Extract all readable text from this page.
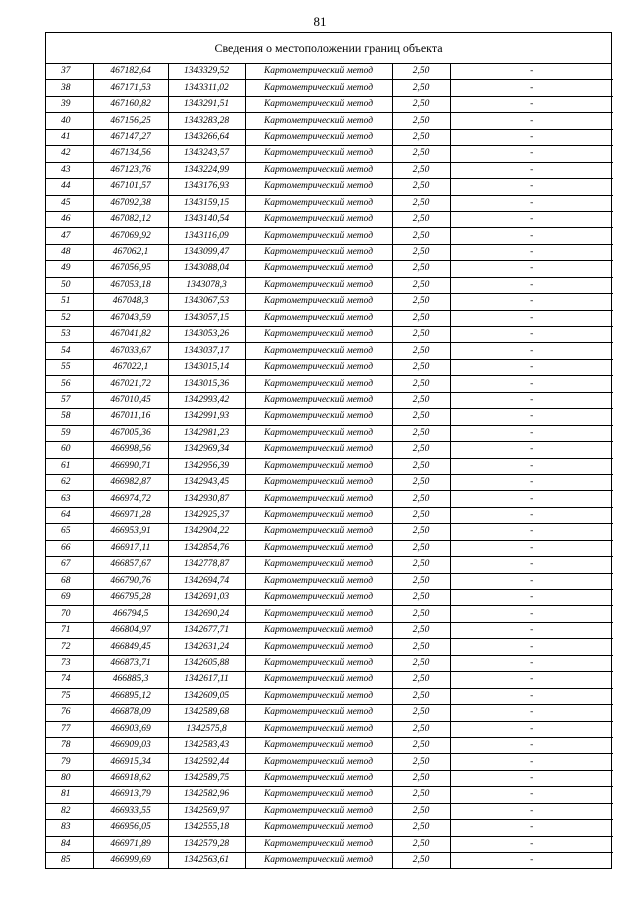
81
Сведения о местоположении границ объекта
37	467182,64	1343329,52	Картометрический метод	2,50	-
38	467171,53	1343311,02	Картометрический метод	2,50	-
39	467160,82	1343291,51	Картометрический метод	2,50	-
40	467156,25	1343283,28	Картометрический метод	2,50	-
41	467147,27	1343266,64	Картометрический метод	2,50	-
42	467134,56	1343243,57	Картометрический метод	2,50	-
43	467123,76	1343224,99	Картометрический метод	2,50	-
44	467101,57	1343176,93	Картометрический метод	2,50	-
45	467092,38	1343159,15	Картометрический метод	2,50	-
46	467082,12	1343140,54	Картометрический метод	2,50	-
47	467069,92	1343116,09	Картометрический метод	2,50	-
48	467062,1	1343099,47	Картометрический метод	2,50	-
49	467056,95	1343088,04	Картометрический метод	2,50	-
50	467053,18	1343078,3	Картометрический метод	2,50	-
51	467048,3	1343067,53	Картометрический метод	2,50	-
52	467043,59	1343057,15	Картометрический метод	2,50	-
53	467041,82	1343053,26	Картометрический метод	2,50	-
54	467033,67	1343037,17	Картометрический метод	2,50	-
55	467022,1	1343015,14	Картометрический метод	2,50	-
56	467021,72	1343015,36	Картометрический метод	2,50	-
57	467010,45	1342993,42	Картометрический метод	2,50	-
58	467011,16	1342991,93	Картометрический метод	2,50	-
59	467005,36	1342981,23	Картометрический метод	2,50	-
60	466998,56	1342969,34	Картометрический метод	2,50	-
61	466990,71	1342956,39	Картометрический метод	2,50	-
62	466982,87	1342943,45	Картометрический метод	2,50	-
63	466974,72	1342930,87	Картометрический метод	2,50	-
64	466971,28	1342925,37	Картометрический метод	2,50	-
65	466953,91	1342904,22	Картометрический метод	2,50	-
66	466917,11	1342854,76	Картометрический метод	2,50	-
67	466857,67	1342778,87	Картометрический метод	2,50	-
68	466790,76	1342694,74	Картометрический метод	2,50	-
69	466795,28	1342691,03	Картометрический метод	2,50	-
70	466794,5	1342690,24	Картометрический метод	2,50	-
71	466804,97	1342677,71	Картометрический метод	2,50	-
72	466849,45	1342631,24	Картометрический метод	2,50	-
73	466873,71	1342605,88	Картометрический метод	2,50	-
74	466885,3	1342617,11	Картометрический метод	2,50	-
75	466895,12	1342609,05	Картометрический метод	2,50	-
76	466878,09	1342589,68	Картометрический метод	2,50	-
77	466903,69	1342575,8	Картометрический метод	2,50	-
78	466909,03	1342583,43	Картометрический метод	2,50	-
79	466915,34	1342592,44	Картометрический метод	2,50	-
80	466918,62	1342589,75	Картометрический метод	2,50	-
81	466913,79	1342582,96	Картометрический метод	2,50	-
82	466933,55	1342569,97	Картометрический метод	2,50	-
83	466956,05	1342555,18	Картометрический метод	2,50	-
84	466971,89	1342579,28	Картометрический метод	2,50	-
85	466999,69	1342563,61	Картометрический метод	2,50	-
